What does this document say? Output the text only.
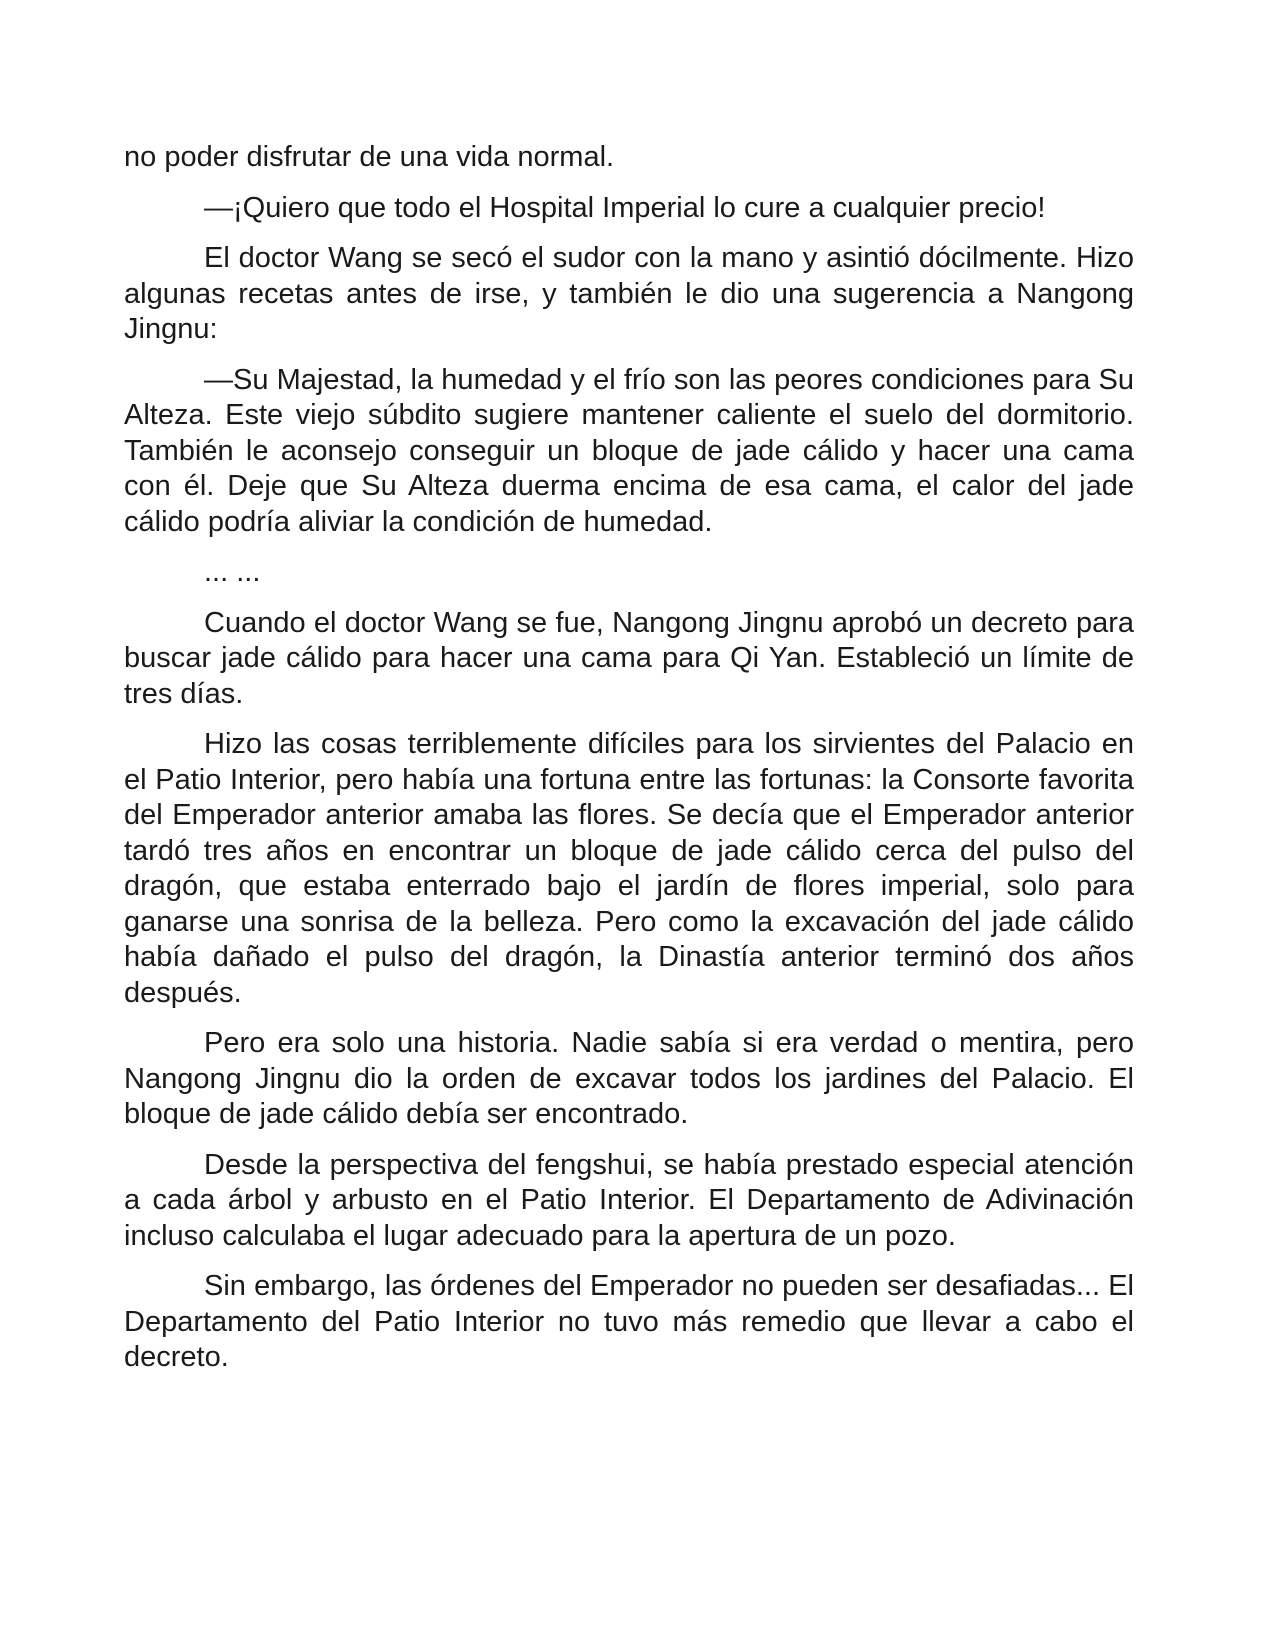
no poder disfrutar de una vida normal.

—¡Quiero que todo el Hospital Imperial lo cure a cualquier precio!

El doctor Wang se secó el sudor con la mano y asintió dócilmente. Hizo algunas recetas antes de irse, y también le dio una sugerencia a Nangong Jingnu:

—Su Majestad, la humedad y el frío son las peores condiciones para Su Alteza. Este viejo súbdito sugiere mantener caliente el suelo del dormitorio. También le aconsejo conseguir un bloque de jade cálido y hacer una cama con él. Deje que Su Alteza duerma encima de esa cama, el calor del jade cálido podría aliviar la condición de humedad.

... ...

Cuando el doctor Wang se fue, Nangong Jingnu aprobó un decreto para buscar jade cálido para hacer una cama para Qi Yan. Estableció un límite de tres días.

Hizo las cosas terriblemente difíciles para los sirvientes del Palacio en el Patio Interior, pero había una fortuna entre las fortunas: la Consorte favorita del Emperador anterior amaba las flores. Se decía que el Emperador anterior tardó tres años en encontrar un bloque de jade cálido cerca del pulso del dragón, que estaba enterrado bajo el jardín de flores imperial, solo para ganarse una sonrisa de la belleza. Pero como la excavación del jade cálido había dañado el pulso del dragón, la Dinastía anterior terminó dos años después.

Pero era solo una historia. Nadie sabía si era verdad o mentira, pero Nangong Jingnu dio la orden de excavar todos los jardines del Palacio. El bloque de jade cálido debía ser encontrado.

Desde la perspectiva del fengshui, se había prestado especial atención a cada árbol y arbusto en el Patio Interior. El Departamento de Adivinación incluso calculaba el lugar adecuado para la apertura de un pozo.

Sin embargo, las órdenes del Emperador no pueden ser desafiadas... El Departamento del Patio Interior no tuvo más remedio que llevar a cabo el decreto.
